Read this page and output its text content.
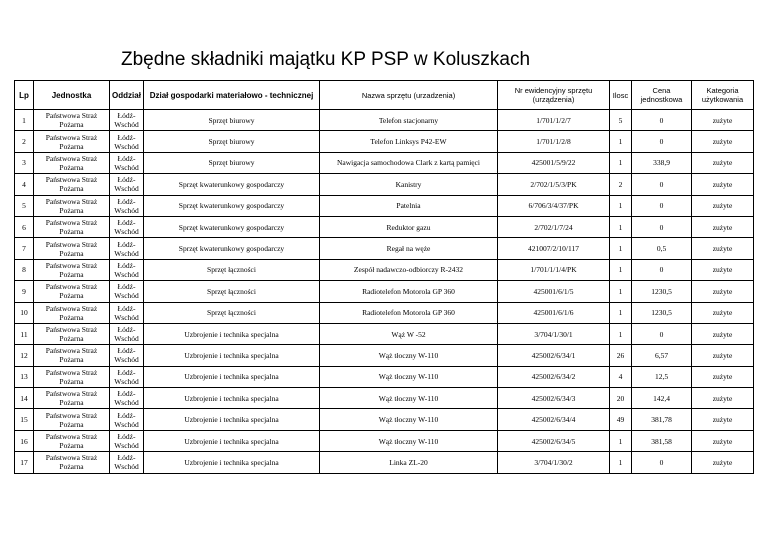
Zbędne składniki majątku KP PSP w Koluszkach
Lp	Jednostka	Oddział	Dział gospodarki materiałowo - technicznej	Nazwa sprzętu (urzadzenia)	Nr ewidencyjny sprzętu (urządzenia)	Ilosc	Cena jednostkowa	Kategoria użytkowania
1	Państwowa Straż Pożarna	Łódź-Wschód	Sprzęt biurowy	Telefon stacjonarny	1/701/1/2/7	5	0	zużyte
2	Państwowa Straż Pożarna	Łódź-Wschód	Sprzęt biurowy	Telefon Linksys P42-EW	1/701/1/2/8	1	0	zużyte
3	Państwowa Straż Pożarna	Łódź-Wschód	Sprzęt biurowy	Nawigacja samochodowa Clark z kartą pamięci	425001/5/9/22	1	338,9	zużyte
4	Państwowa Straż Pożarna	Łódź-Wschód	Sprzęt kwaterunkowy gospodarczy	Kanistry	2/702/1/5/3/PK	2	0	zużyte
5	Państwowa Straż Pożarna	Łódź-Wschód	Sprzęt kwaterunkowy gospodarczy	Patelnia	6/706/3/4/37/PK	1	0	zużyte
6	Państwowa Straż Pożarna	Łódź-Wschód	Sprzęt kwaterunkowy gospodarczy	Reduktor gazu	2/702/1/7/24	1	0	zużyte
7	Państwowa Straż Pożarna	Łódź-Wschód	Sprzęt kwaterunkowy gospodarczy	Regał na węże	421007/2/10/117	1	0,5	zużyte
8	Państwowa Straż Pożarna	Łódź-Wschód	Sprzęt łączności	Zespół nadawczo-odbiorczy R-2432	1/701/1/1/4/PK	1	0	zużyte
9	Państwowa Straż Pożarna	Łódź-Wschód	Sprzęt łączności	Radiotelefon Motorola GP 360	425001/6/1/5	1	1230,5	zużyte
10	Państwowa Straż Pożarna	Łódź-Wschód	Sprzęt łączności	Radiotelefon Motorola GP 360	425001/6/1/6	1	1230,5	zużyte
11	Państwowa Straż Pożarna	Łódź-Wschód	Uzbrojenie i technika specjalna	Wąż W -52	3/704/1/30/1	1	0	zużyte
12	Państwowa Straż Pożarna	Łódź-Wschód	Uzbrojenie i technika specjalna	Wąż tłoczny W-110	425002/6/34/1	26	6,57	zużyte
13	Państwowa Straż Pożarna	Łódź-Wschód	Uzbrojenie i technika specjalna	Wąż tłoczny W-110	425002/6/34/2	4	12,5	zużyte
14	Państwowa Straż Pożarna	Łódź-Wschód	Uzbrojenie i technika specjalna	Wąż tłoczny W-110	425002/6/34/3	20	142,4	zużyte
15	Państwowa Straż Pożarna	Łódź-Wschód	Uzbrojenie i technika specjalna	Wąż tłoczny W-110	425002/6/34/4	49	381,78	zużyte
16	Państwowa Straż Pożarna	Łódź-Wschód	Uzbrojenie i technika specjalna	Wąż tłoczny W-110	425002/6/34/5	1	381,58	zużyte
17	Państwowa Straż Pożarna	Łódź-Wschód	Uzbrojenie i technika specjalna	Linka ZL-20	3/704/1/30/2	1	0	zużyte
